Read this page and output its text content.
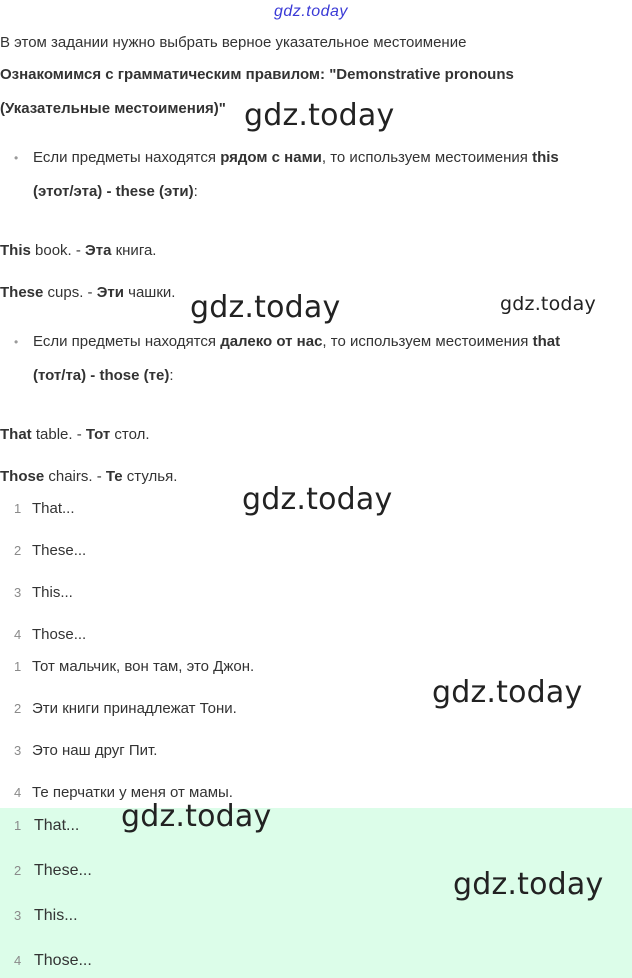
gdz.today
В этом задании нужно выбрать верное указательное местоимение
Ознакомимся с грамматическим правилом: "Demonstrative pronouns
(Указательные местоимения)"
• Если предметы находятся рядом с нами, то используем местоимения this
(этот/эта) - these (эти):
This book. - Эта книга.
These cups. - Эти чашки.
• Если предметы находятся далеко от нас, то используем местоимения that
(тот/та) - those (те):
That table. - Тот стол.
Those chairs. - Те стулья.
1 That...
2 These...
3 This...
4 Those...
1 Тот мальчик, вон там, это Джон.
2 Эти книги принадлежат Тони.
3 Это наш друг Пит.
4 Те перчатки у меня от мамы.
1 That...
2 These...
3 This...
4 Those...
gdz.today
gdz.today	gdz.today
gdz.today
gdz.today
gdz.today
gdz.today
